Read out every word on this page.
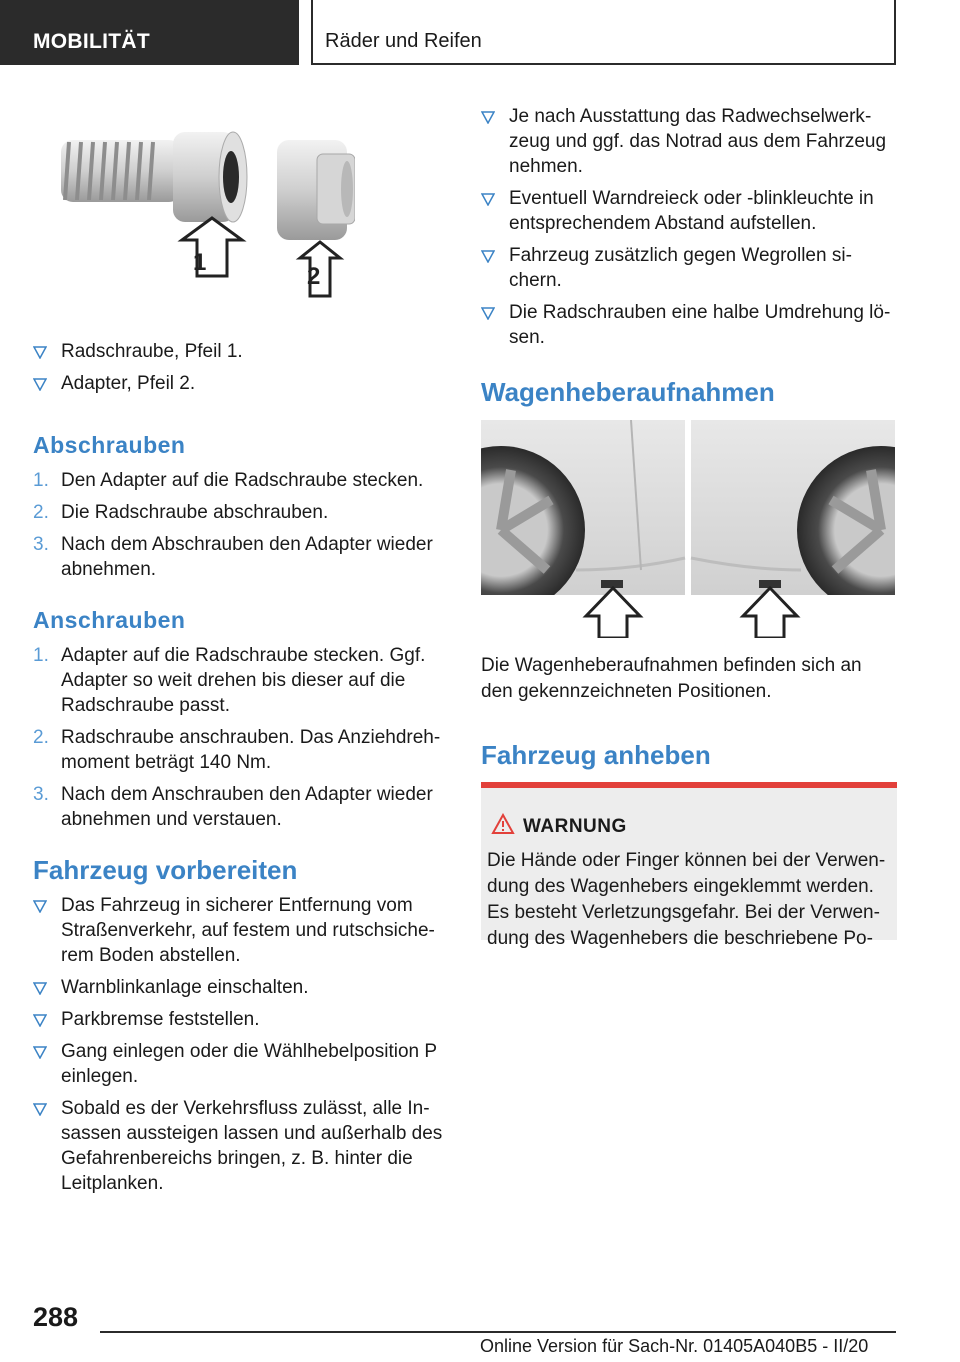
MOBILITÄT	Räder und Reifen
1
2
Radschraube, Pfeil 1.
Adapter, Pfeil 2.
Abschrauben
1. Den Adapter auf die Radschraube stecken.
2. Die Radschraube abschrauben.
3. Nach dem Abschrauben den Adapter wieder abnehmen.
Anschrauben
1. Adapter auf die Radschraube stecken. Ggf. Adapter so weit drehen bis dieser auf die Radschraube passt.
2. Radschraube anschrauben. Das Anziehdrehmoment beträgt 140 Nm.
3. Nach dem Anschrauben den Adapter wieder abnehmen und verstauen.
Fahrzeug vorbereiten
Das Fahrzeug in sicherer Entfernung vom Straßenverkehr, auf festem und rutschsicherem Boden abstellen.
Warnblinkanlage einschalten.
Parkbremse feststellen.
Gang einlegen oder die Wählhebelposition P einlegen.
Sobald es der Verkehrsfluss zulässt, alle Insassen aussteigen lassen und außerhalb des Gefahrenbereichs bringen, z. B. hinter die Leitplanken.
Je nach Ausstattung das Radwechselwerkzeug und ggf. das Notrad aus dem Fahrzeug nehmen.
Eventuell Warndreieck oder -blinkleuchte in entsprechendem Abstand aufstellen.
Fahrzeug zusätzlich gegen Wegrollen sichern.
Die Radschrauben eine halbe Umdrehung lösen.
Wagenheberaufnahmen
Die Wagenheberaufnahmen befinden sich an den gekennzeichneten Positionen.
Fahrzeug anheben
WARNUNG
Die Hände oder Finger können bei der Verwendung des Wagenhebers eingeklemmt werden. Es besteht Verletzungsgefahr. Bei der Verwendung des Wagenhebers die beschriebene Po-
288
Online Version für Sach-Nr. 01405A040B5 - II/20
